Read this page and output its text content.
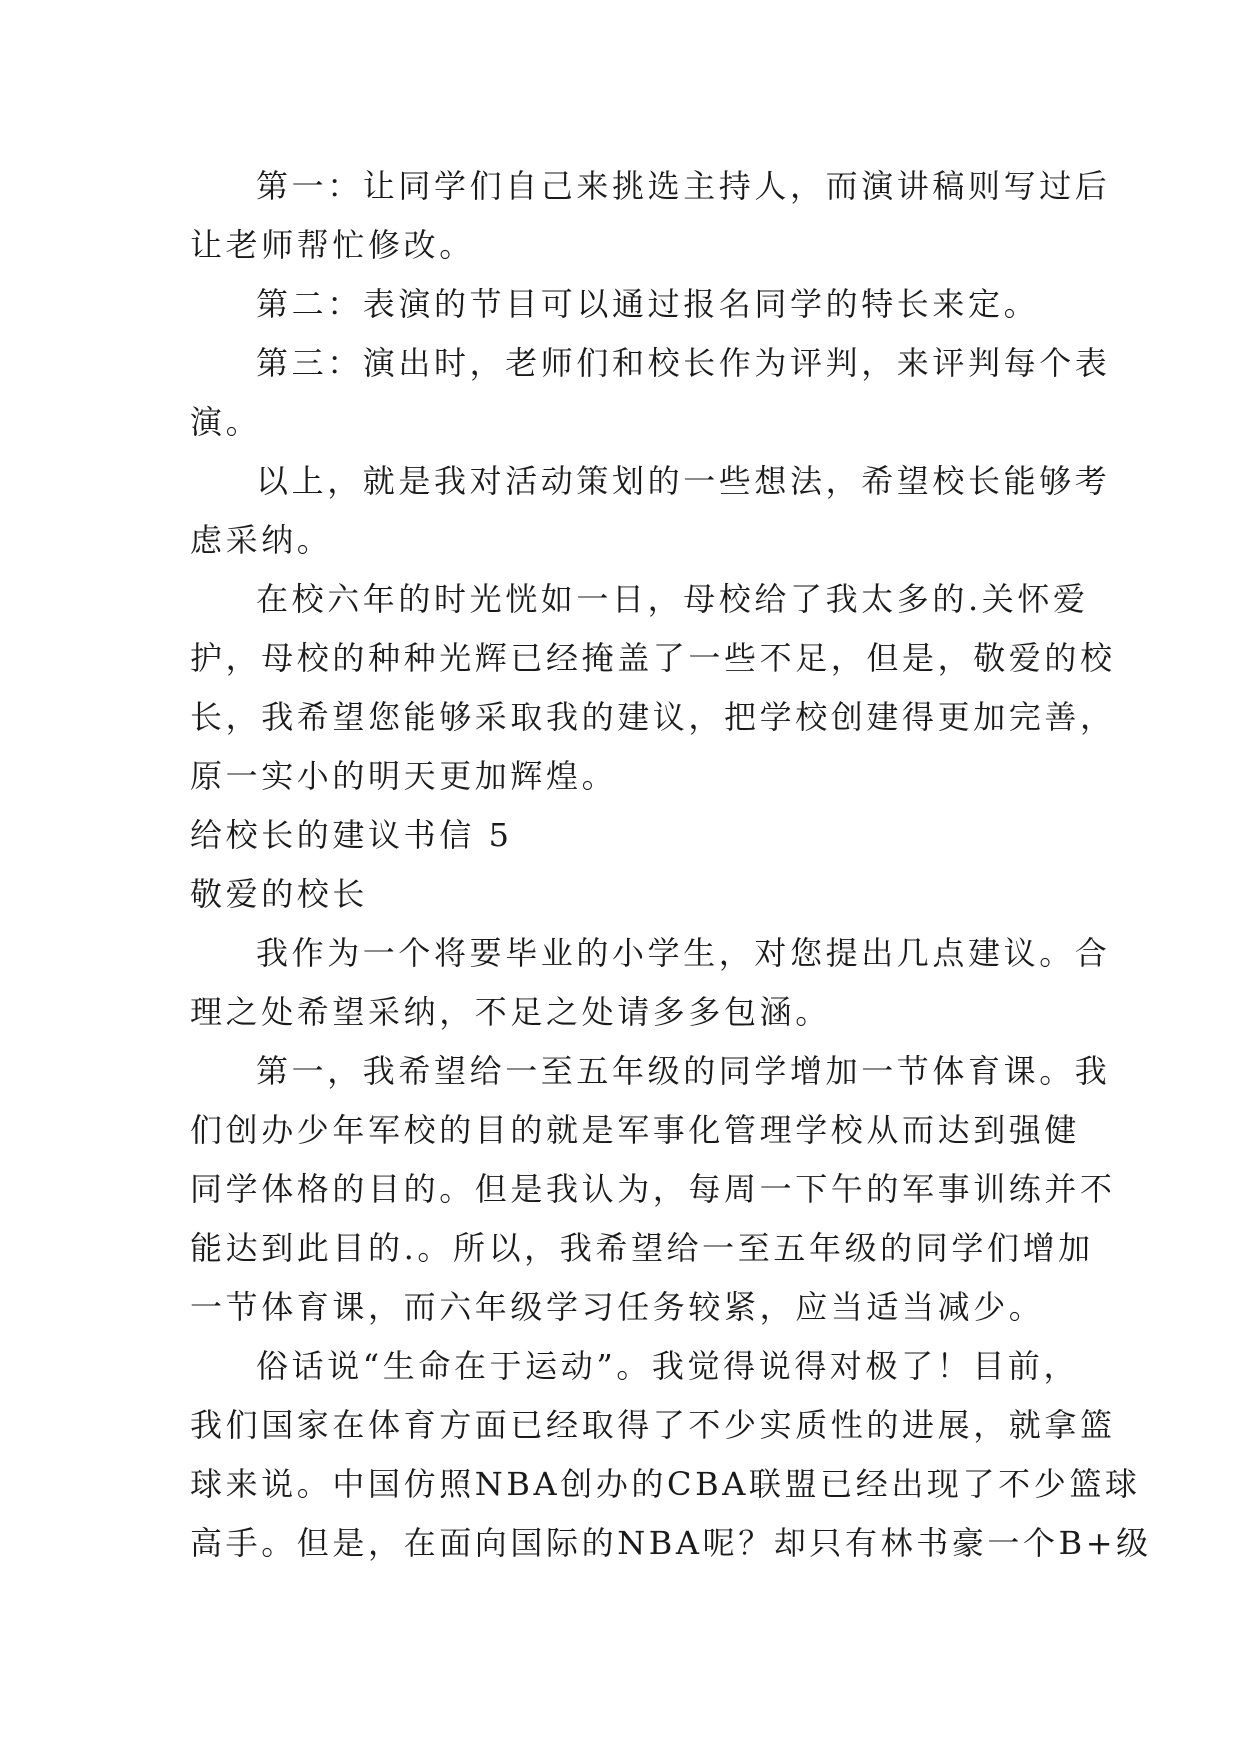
第一：让同学们自己来挑选主持人，而演讲稿则写过后
让老师帮忙修改。
第二：表演的节目可以通过报名同学的特长来定。
第三：演出时，老师们和校长作为评判，来评判每个表
演。
以上，就是我对活动策划的一些想法，希望校长能够考
虑采纳。
在校六年的时光恍如一日，母校给了我太多的.关怀爱
护，母校的种种光辉已经掩盖了一些不足，但是，敬爱的校
长，我希望您能够采取我的建议，把学校创建得更加完善，
原一实小的明天更加辉煌。
给校长的建议书信 5
敬爱的校长
我作为一个将要毕业的小学生，对您提出几点建议。合
理之处希望采纳，不足之处请多多包涵。
第一，我希望给一至五年级的同学增加一节体育课。我
们创办少年军校的目的就是军事化管理学校从而达到强健
同学体格的目的。但是我认为，每周一下午的军事训练并不
能达到此目的.。所以，我希望给一至五年级的同学们增加
一节体育课，而六年级学习任务较紧，应当适当减少。
俗话说“生命在于运动”。我觉得说得对极了！目前，
我们国家在体育方面已经取得了不少实质性的进展，就拿篮
球来说。中国仿照NBA创办的CBA联盟已经出现了不少篮球
高手。但是，在面向国际的NBA呢？却只有林书豪一个B+级
